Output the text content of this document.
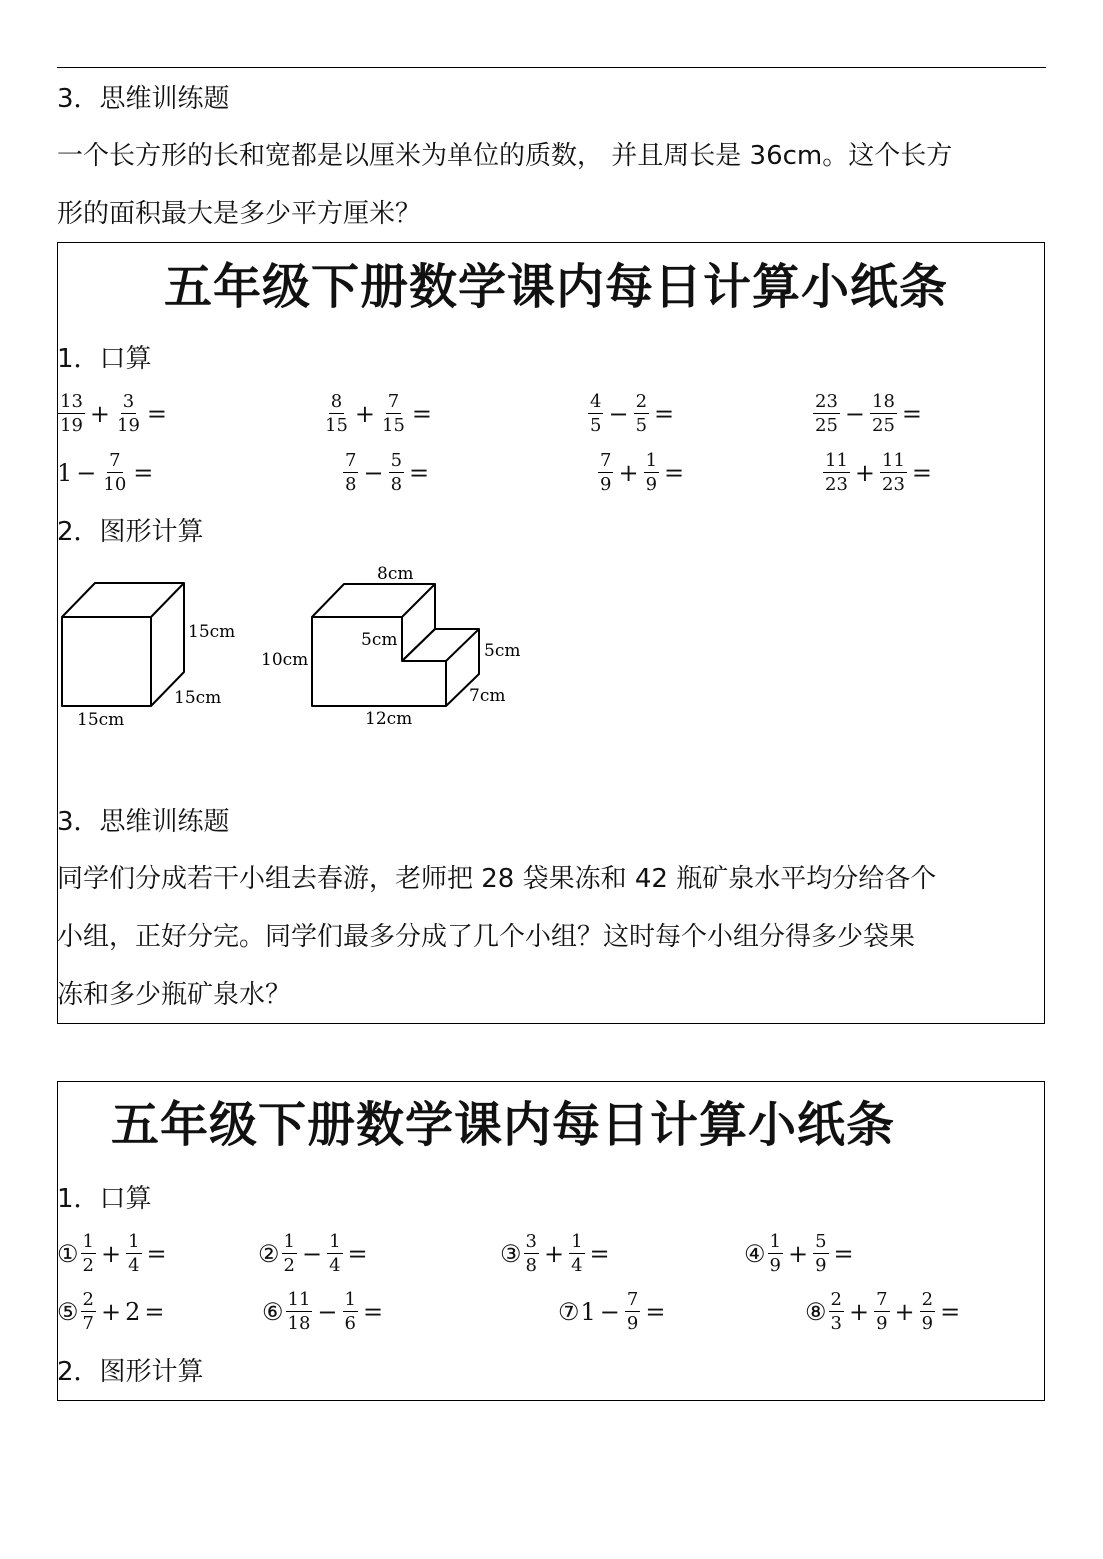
3．思维训练题
一个长方形的长和宽都是以厘米为单位的质数， 并且周长是 36cm。这个长方
形的面积最大是多少平方厘米？
五年级下册数学课内每日计算小纸条
1．口算
$\frac{13}{19} + \frac{3}{19}$ =	$\frac{8}{15} + \frac{7}{15}$ =	$\frac{4}{5} - \frac{2}{5}$ =	$\frac{23}{25} - \frac{18}{25}$ =
$1 - \frac{7}{10}$ =	$\frac{7}{8} - \frac{5}{8}$ =	$\frac{7}{9} + \frac{1}{9}$ =	$\frac{11}{23} + \frac{11}{23}$ =
2．图形计算
15cm
15cm
15cm
8cm
10cm
5cm
5cm
7cm
12cm
3．思维训练题
同学们分成若干小组去春游，老师把 28 袋果冻和 42 瓶矿泉水平均分给各个
小组，正好分完。同学们最多分成了几个小组？这时每个小组分得多少袋果
冻和多少瓶矿泉水？
五年级下册数学课内每日计算小纸条
1．口算
① $\frac{1}{2} + \frac{1}{4}$ =	② $\frac{1}{2} - \frac{1}{4}$ =	③ $\frac{3}{8} + \frac{1}{4}$ =	④ $\frac{1}{9} + \frac{5}{9}$ =
⑤ $\frac{2}{7} + 2$ =	⑥ $\frac{11}{18} - \frac{1}{6}$ =	⑦ $1 - \frac{7}{9}$ =	⑧ $\frac{2}{3} + \frac{7}{9} + \frac{2}{9}$ =
2．图形计算
